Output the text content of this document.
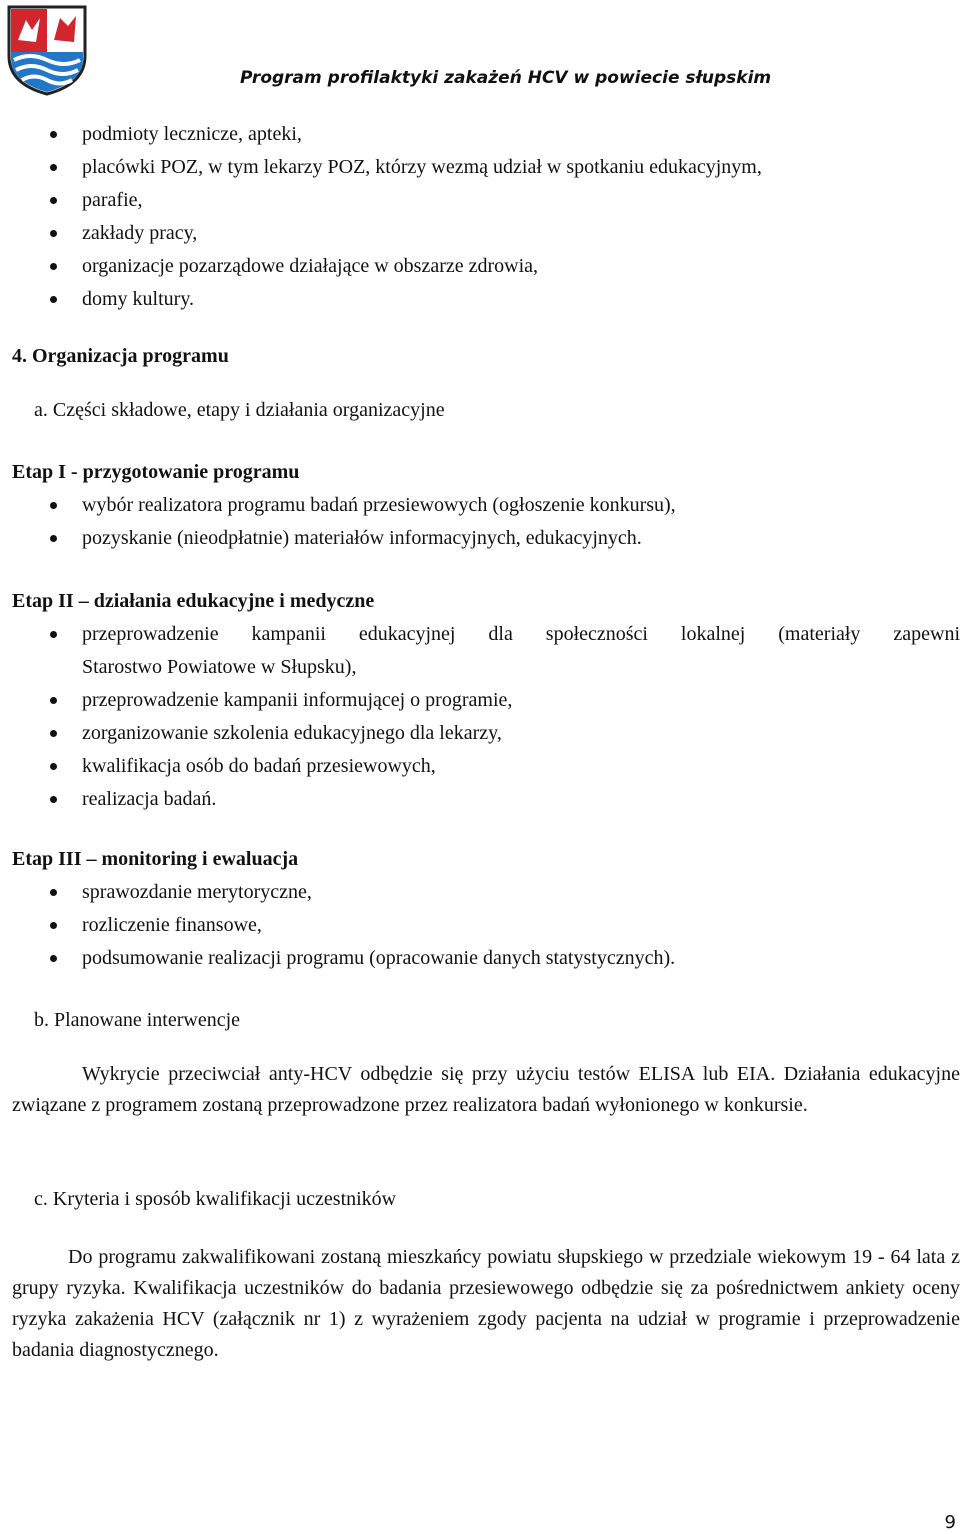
Program profilaktyki zakażeń HCV w powiecie słupskim
podmioty lecznicze, apteki,
placówki POZ, w tym lekarzy POZ, którzy wezmą udział w spotkaniu edukacyjnym,
parafie,
zakłady pracy,
organizacje pozarządowe działające w obszarze zdrowia,
domy kultury.
4. Organizacja programu
a. Części składowe, etapy i działania organizacyjne
Etap I - przygotowanie programu
wybór realizatora programu badań przesiewowych (ogłoszenie konkursu),
pozyskanie (nieodpłatnie) materiałów informacyjnych, edukacyjnych.
Etap II – działania edukacyjne i medyczne
przeprowadzenie kampanii edukacyjnej dla społeczności lokalnej (materiały zapewni
Starostwo Powiatowe w Słupsku),
przeprowadzenie kampanii informującej o programie,
zorganizowanie szkolenia edukacyjnego dla lekarzy,
kwalifikacja osób do badań przesiewowych,
realizacja badań.
Etap III – monitoring i ewaluacja
sprawozdanie merytoryczne,
rozliczenie finansowe,
podsumowanie realizacji programu (opracowanie danych statystycznych).
b. Planowane interwencje
Wykrycie przeciwciał anty-HCV odbędzie się przy użyciu testów ELISA lub EIA. Działania edukacyjne związane z programem zostaną przeprowadzone przez realizatora badań wyłonionego w konkursie.
c. Kryteria i sposób kwalifikacji uczestników
Do programu zakwalifikowani zostaną mieszkańcy powiatu słupskiego w przedziale wiekowym 19 - 64 lata z grupy ryzyka. Kwalifikacja uczestników do badania przesiewowego odbędzie się za pośrednictwem ankiety oceny ryzyka zakażenia HCV (załącznik nr 1) z wyrażeniem zgody pacjenta na udział w programie i przeprowadzenie badania diagnostycznego.
9
